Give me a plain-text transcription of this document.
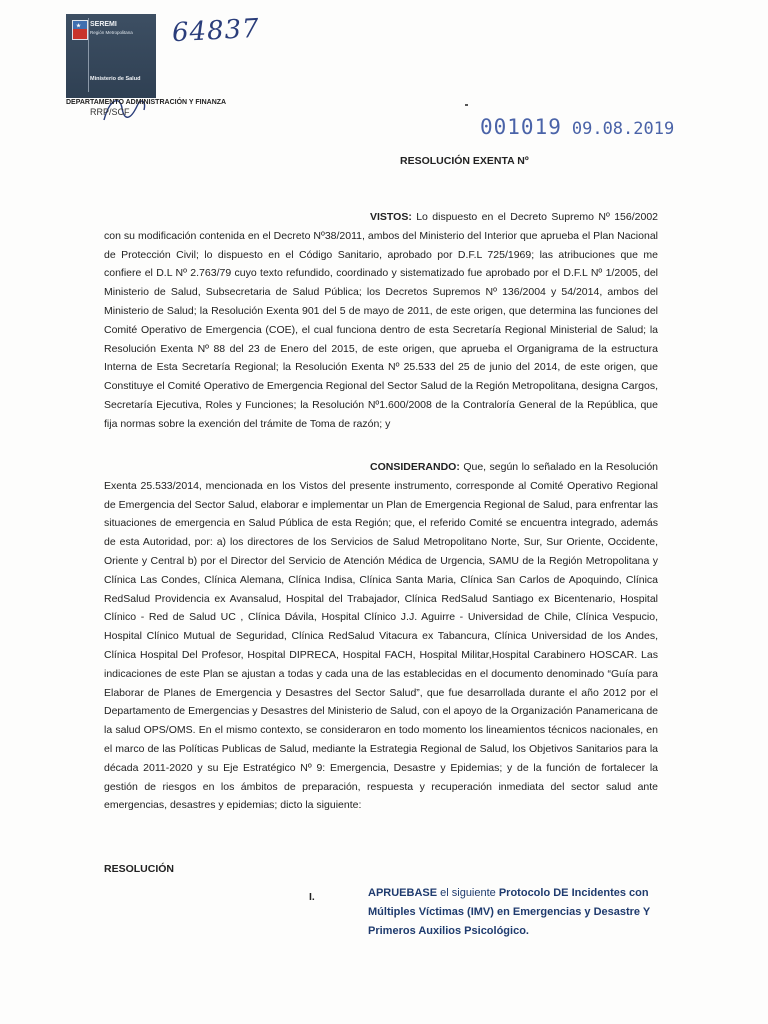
SEREMI
Región Metropolitana
Ministerio de Salud
64837
DEPARTAMENTO ADMINISTRACIÓN Y FINANZA
RRP/SCF
001019 09.08.2019
RESOLUCIÓN EXENTA Nº
VISTOS: Lo dispuesto en el Decreto Supremo Nº 156/2002 con su modificación contenida en el Decreto Nº38/2011, ambos del Ministerio del Interior que aprueba el Plan Nacional de Protección Civil; lo dispuesto en el Código Sanitario, aprobado por D.F.L 725/1969; las atribuciones que me confiere el D.L Nº 2.763/79 cuyo texto refundido, coordinado y sistematizado fue aprobado por el D.F.L Nº 1/2005, del Ministerio de Salud, Subsecretaria de Salud Pública; los Decretos Supremos Nº 136/2004 y 54/2014, ambos del Ministerio de Salud; la Resolución Exenta 901 del 5 de mayo de 2011, de este origen, que determina las funciones del Comité Operativo de Emergencia (COE), el cual funciona dentro de esta Secretaría Regional Ministerial de Salud; la Resolución Exenta Nº 88 del 23 de Enero del 2015, de este origen, que aprueba el Organigrama de la estructura Interna de Esta Secretaría Regional; la Resolución Exenta Nº 25.533 del 25 de junio del 2014, de este origen, que Constituye el Comité Operativo de Emergencia Regional del Sector Salud de la Región Metropolitana, designa Cargos, Secretaría Ejecutiva, Roles y Funciones; la Resolución Nº1.600/2008 de la Contraloría General de la República, que fija normas sobre la exención del trámite de Toma de razón; y
CONSIDERANDO: Que, según lo señalado en la Resolución Exenta 25.533/2014, mencionada en los Vistos del presente instrumento, corresponde al Comité Operativo Regional de Emergencia del Sector Salud, elaborar e implementar un Plan de Emergencia Regional de Salud, para enfrentar las situaciones de emergencia en Salud Pública de esta Región; que, el referido Comité se encuentra integrado, además de esta Autoridad, por: a) los directores de los Servicios de Salud Metropolitano Norte, Sur, Sur Oriente, Occidente, Oriente y Central b) por el Director del Servicio de Atención Médica de Urgencia, SAMU de la Región Metropolitana y Clínica Las Condes, Clínica Alemana, Clínica Indisa, Clínica Santa Maria, Clínica San Carlos de Apoquindo, Clínica RedSalud Providencia ex Avansalud, Hospital del Trabajador, Clínica RedSalud Santiago ex Bicentenario, Hospital Clínico - Red de Salud UC , Clínica Dávila, Hospital Clínico J.J. Aguirre - Universidad de Chile, Clínica Vespucio, Hospital Clínico Mutual de Seguridad, Clínica RedSalud Vitacura ex Tabancura, Clínica Universidad de los Andes, Clínica Hospital Del Profesor, Hospital DIPRECA, Hospital FACH, Hospital Militar,Hospital Carabinero HOSCAR. Las indicaciones de este Plan se ajustan a todas y cada una de las establecidas en el documento denominado “Guía para Elaborar de Planes de Emergencia y Desastres del Sector Salud”, que fue desarrollada durante el año 2012 por el Departamento de Emergencias y Desastres del Ministerio de Salud, con el apoyo de la Organización Panamericana de la salud OPS/OMS. En el mismo contexto, se consideraron en todo momento los lineamientos técnicos nacionales, en el marco de las Políticas Publicas de Salud, mediante la Estrategia Regional de Salud, los Objetivos Sanitarios para la década 2011-2020 y su Eje Estratégico Nº 9: Emergencia, Desastre y Epidemias; y de la función de fortalecer la gestión de riesgos en los ámbitos de preparación, respuesta y recuperación inmediata del sector salud ante emergencias, desastres y epidemias; dicto la siguiente:
RESOLUCIÓN
I.	APRUEBASE el siguiente Protocolo DE Incidentes con Múltiples Víctimas (IMV) en Emergencias y Desastre Y Primeros Auxilios Psicológico.
